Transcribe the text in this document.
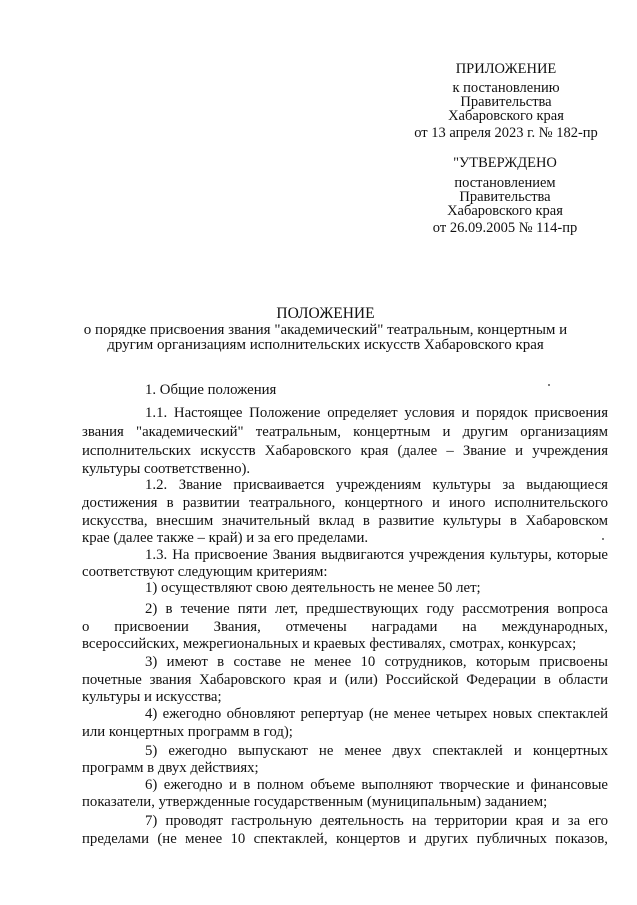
ПРИЛОЖЕНИЕ
к постановлению
Правительства
Хабаровского края
от 13 апреля 2023 г. № 182-пр
"УТВЕРЖДЕНО
постановлением
Правительства
Хабаровского края
от 26.09.2005 № 114-пр
ПОЛОЖЕНИЕ
о порядке присвоения звания "академический" театральным, концертным и
другим организациям исполнительских искусств Хабаровского края
1. Общие положения
1.1. Настоящее Положение определяет условия и порядок присвоения
звания "академический" театральным, концертным и другим организациям
исполнительских искусств Хабаровского края (далее – Звание и учреждения
культуры соответственно).
1.2. Звание присваивается учреждениям культуры за выдающиеся
достижения в развитии театрального, концертного и иного исполнительского
искусства, внесшим значительный вклад в развитие культуры в Хабаровском
крае (далее также – край) и за его пределами.
1.3. На присвоение Звания выдвигаются учреждения культуры, которые
соответствуют следующим критериям:
1) осуществляют свою деятельность не менее 50 лет;
2) в течение пяти лет, предшествующих году рассмотрения вопроса
о присвоении Звания, отмечены наградами на международных,
всероссийских, межрегиональных и краевых фестивалях, смотрах, конкурсах;
3) имеют в составе не менее 10 сотрудников, которым присвоены
почетные звания Хабаровского края и (или) Российской Федерации в области
культуры и искусства;
4) ежегодно обновляют репертуар (не менее четырех новых спектаклей
или концертных программ в год);
5) ежегодно выпускают не менее двух спектаклей и концертных
программ в двух действиях;
6) ежегодно и в полном объеме выполняют творческие и финансовые
показатели, утвержденные государственным (муниципальным) заданием;
7) проводят гастрольную деятельность на территории края и за его
пределами (не менее 10 спектаклей, концертов и других публичных показов,
